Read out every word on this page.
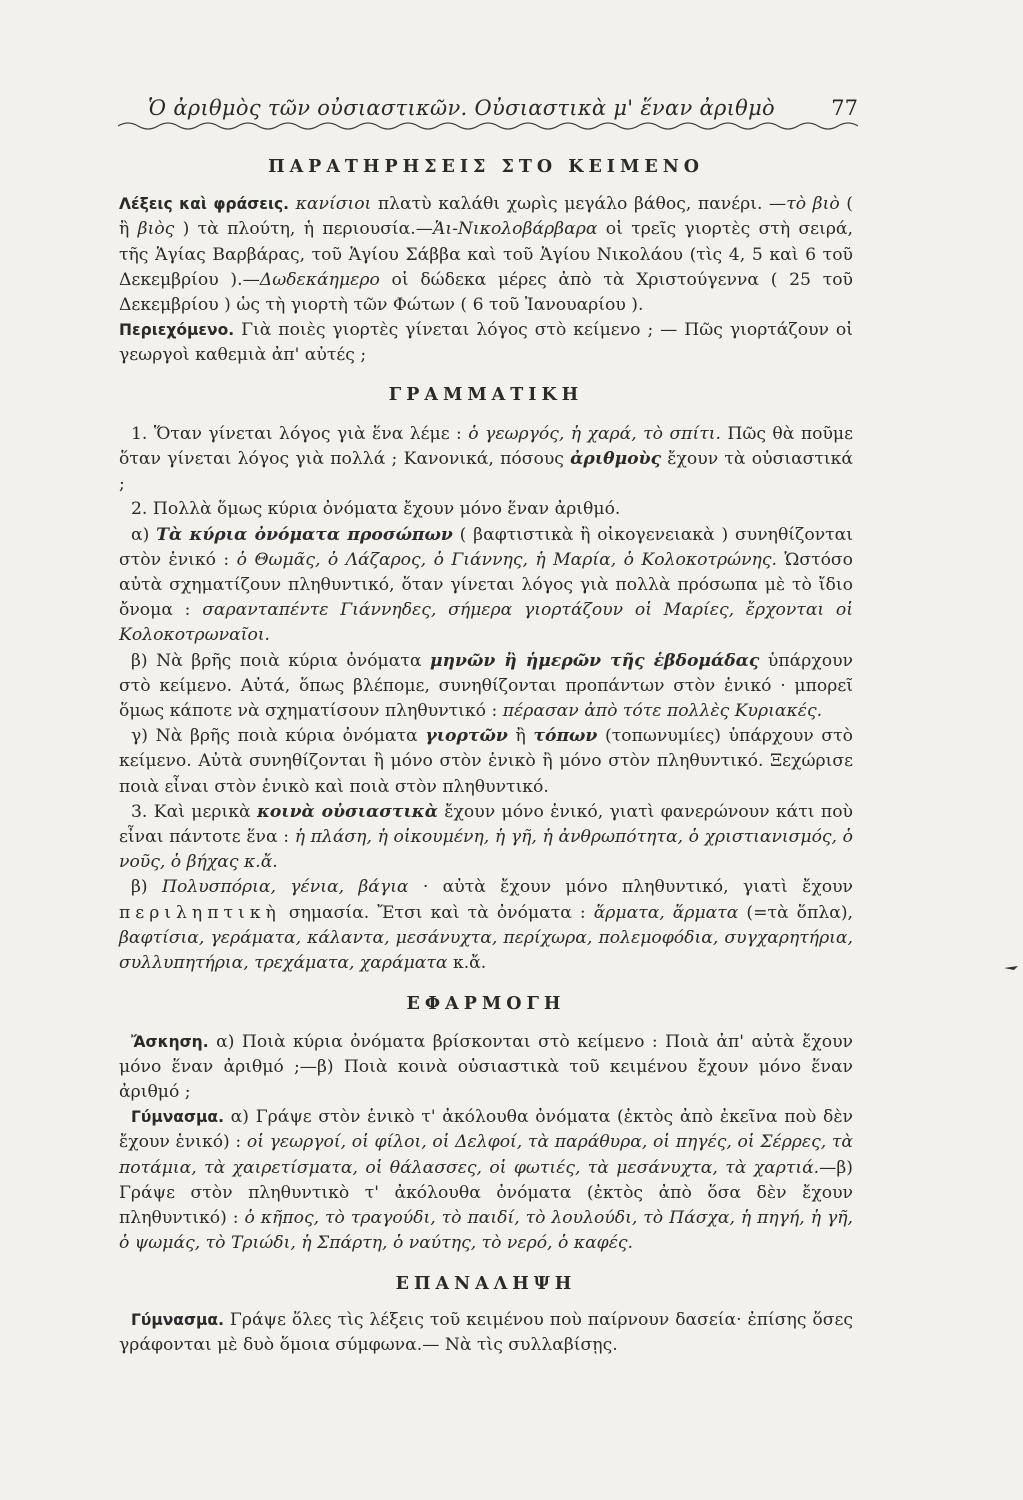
Ὁ ἀριθμὸς τῶν οὐσιαστικῶν. Οὐσιαστικὰ μ' ἕναν ἀριθμὸ	77
ΠΑΡΑΤΗΡΗΣΕΙΣ ΣΤΟ ΚΕΙΜΕΝΟ

Λέξεις καὶ φράσεις. κανίσιοι πλατὺ καλάθι χωρὶς μεγάλο βάθος, πανέρι. —τὸ βιὸ ( ἢ βιὸς ) τὰ πλούτη, ἡ περιουσία.—Ἁι-Νικολοβάρβαρα οἱ τρεῖς γιορτὲς στὴ σειρά, τῆς Ἁγίας Βαρβάρας, τοῦ Ἁγίου Σάββα καὶ τοῦ Ἁγίου Νικολάου (τὶς 4, 5 καὶ 6 τοῦ Δεκεμβρίου ).—Δωδεκάημερο οἱ δώδεκα μέρες ἀπὸ τὰ Χριστούγεννα ( 25 τοῦ Δεκεμβρίου ) ὡς τὴ γιορτὴ τῶν Φώτων ( 6 τοῦ Ἰανουαρίου ).

Περιεχόμενο. Γιὰ ποιὲς γιορτὲς γίνεται λόγος στὸ κείμενο ; — Πῶς γιορτάζουν οἱ γεωργοὶ καθεμιὰ ἀπ' αὐτές ;

ΓΡΑΜΜΑΤΙΚΗ

1. Ὅταν γίνεται λόγος γιὰ ἕνα λέμε : ὁ γεωργός, ἡ χαρά, τὸ σπίτι. Πῶς θὰ ποῦμε ὅταν γίνεται λόγος γιὰ πολλά ; Κανονικά, πόσους ἀριθμοὺς ἔχουν τὰ οὐσιαστικά ;

2. Πολλὰ ὅμως κύρια ὀνόματα ἔχουν μόνο ἕναν ἀριθμό.

α) Τὰ κύρια ὀνόματα προσώπων ( βαφτιστικὰ ἢ οἰκογενειακὰ ) συνηθίζονται στὸν ἑνικό : ὁ Θωμᾶς, ὁ Λάζαρος, ὁ Γιάννης, ἡ Μαρία, ὁ Κολοκοτρώνης. Ὡστόσο αὐτὰ σχηματίζουν πληθυντικό, ὅταν γίνεται λόγος γιὰ πολλὰ πρόσωπα μὲ τὸ ἴδιο ὄνομα : σαρανταπέντε Γιάννηδες, σήμερα γιορτάζουν οἱ Μαρίες, ἔρχονται οἱ Κολοκοτρωναῖοι.

β) Νὰ βρῆς ποιὰ κύρια ὀνόματα μηνῶν ἢ ἡμερῶν τῆς ἑβδομάδας ὑπάρχουν στὸ κείμενο. Αὐτά, ὅπως βλέπομε, συνηθίζονται προπάντων στὸν ἑνικό · μπορεῖ ὅμως κάποτε νὰ σχηματίσουν πληθυντικό : πέρασαν ἀπὸ τότε πολλὲς Κυριακές.

γ) Νὰ βρῆς ποιὰ κύρια ὀνόματα γιορτῶν ἢ τόπων (τοπωνυμίες) ὑπάρχουν στὸ κείμενο. Αὐτὰ συνηθίζονται ἢ μόνο στὸν ἑνικὸ ἢ μόνο στὸν πληθυντικό. Ξεχώρισε ποιὰ εἶναι στὸν ἑνικὸ καὶ ποιὰ στὸν πληθυντικό.

3. Καὶ μερικὰ κοινὰ οὐσιαστικὰ ἔχουν μόνο ἑνικό, γιατὶ φανερώνουν κάτι ποὺ εἶναι πάντοτε ἕνα : ἡ πλάση, ἡ οἰκουμένη, ἡ γῆ, ἡ ἀνθρωπότητα, ὁ χριστιανισμός, ὁ νοῦς, ὁ βήχας κ.ἄ.

β) Πολυσπόρια, γένια, βάγια · αὐτὰ ἔχουν μόνο πληθυντικό, γιατὶ ἔχουν περιληπτικὴ σημασία. Ἔτσι καὶ τὰ ὀνόματα : ἅρματα, ἅρματα (=τὰ ὅπλα), βαφτίσια, γεράματα, κάλαντα, μεσάνυχτα, περίχωρα, πολεμοφόδια, συγχαρητήρια, συλλυπητήρια, τρεχάματα, χαράματα κ.ἄ.

ΕΦΑΡΜΟΓΗ

Ἄσκηση. α) Ποιὰ κύρια ὀνόματα βρίσκονται στὸ κείμενο : Ποιὰ ἀπ' αὐτὰ ἔχουν μόνο ἕναν ἀριθμό ;—β) Ποιὰ κοινὰ οὐσιαστικὰ τοῦ κειμένου ἔχουν μόνο ἕναν ἀριθμό ;

Γύμνασμα. α) Γράψε στὸν ἑνικὸ τ' ἀκόλουθα ὀνόματα (ἐκτὸς ἀπὸ ἐκεῖνα ποὺ δὲν ἔχουν ἑνικό) : οἱ γεωργοί, οἱ φίλοι, οἱ Δελφοί, τὰ παράθυρα, οἱ πηγές, οἱ Σέρρες, τὰ ποτάμια, τὰ χαιρετίσματα, οἱ θάλασσες, οἱ φωτιές, τὰ μεσάνυχτα, τὰ χαρτιά.—β) Γράψε στὸν πληθυντικὸ τ' ἀκόλουθα ὀνόματα (ἐκτὸς ἀπὸ ὅσα δὲν ἔχουν πληθυντικό) : ὁ κῆπος, τὸ τραγούδι, τὸ παιδί, τὸ λουλούδι, τὸ Πάσχα, ἡ πηγή, ἡ γῆ, ὁ ψωμάς, τὸ Τριώδι, ἡ Σπάρτη, ὁ ναύτης, τὸ νερό, ὁ καφές.

ΕΠΑΝΑΛΗΨΗ

Γύμνασμα. Γράψε ὅλες τὶς λέξεις τοῦ κειμένου ποὺ παίρνουν δασεία· ἐπίσης ὅσες γράφονται μὲ δυὸ ὅμοια σύμφωνα.— Νὰ τὶς συλλαβίσῃς.
